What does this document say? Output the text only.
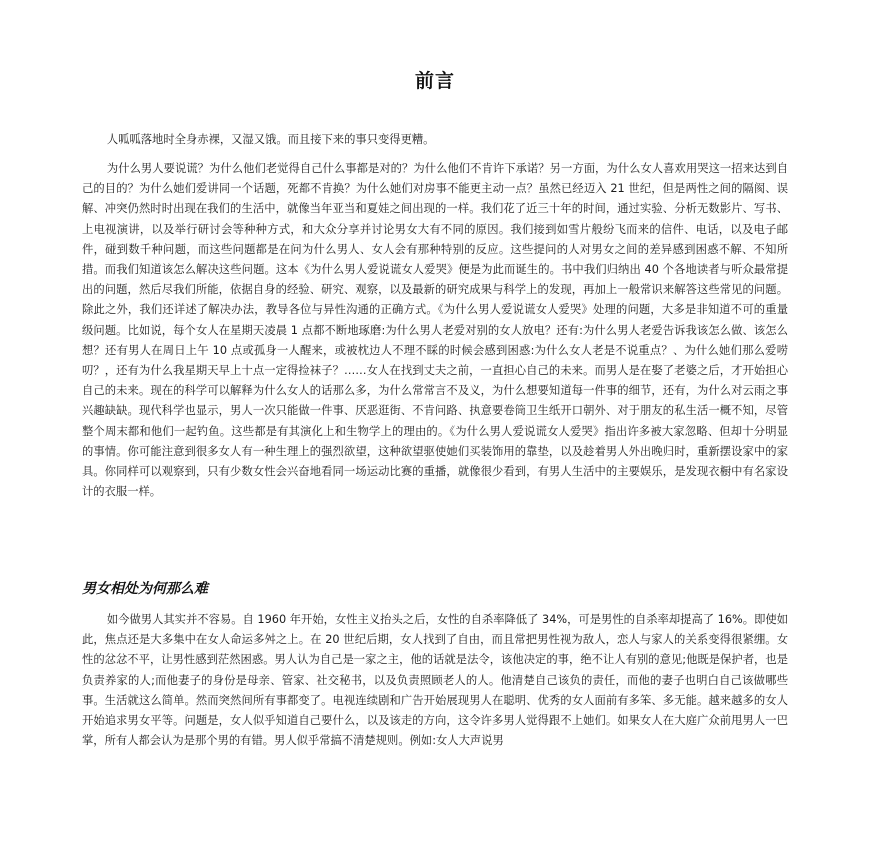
前言

人呱呱落地时全身赤裸，又湿又饿。而且接下来的事只变得更糟。

为什么男人要说谎？为什么他们老觉得自己什么事都是对的？为什么他们不肯许下承诺？另一方面，为什么女人喜欢用哭这一招来达到自己的目的？为什么她们爱讲同一个话题，死都不肯换？为什么她们对房事不能更主动一点？虽然已经迈入 21 世纪，但是两性之间的隔阂、误解、冲突仍然时时出现在我们的生活中，就像当年亚当和夏娃之间出现的一样。我们花了近三十年的时间，通过实验、分析无数影片、写书、上电视演讲，以及举行研讨会等种种方式，和大众分享并讨论男女大有不同的原因。我们接到如雪片般纷飞而来的信件、电话，以及电子邮件，碰到数千种问题，而这些问题都是在问为什么男人、女人会有那种特别的反应。这些提问的人对男女之间的差异感到困惑不解、不知所措。而我们知道该怎么解决这些问题。这本《为什么男人爱说谎女人爱哭》便是为此而诞生的。书中我们归纳出 40 个各地读者与听众最常提出的问题，然后尽我们所能，依据自身的经验、研究、观察，以及最新的研究成果与科学上的发现，再加上一般常识来解答这些常见的问题。除此之外，我们还详述了解决办法，教导各位与异性沟通的正确方式。《为什么男人爱说谎女人爱哭》处理的问题，大多是非知道不可的重量级问题。比如说，每个女人在星期天凌晨 1 点都不断地琢磨:为什么男人老爱对别的女人放电？还有:为什么男人老爱告诉我该怎么做、该怎么想？还有男人在周日上午 10 点或孤身一人醒来，或被枕边人不理不睬的时候会感到困惑:为什么女人老是不说重点？、为什么她们那么爱唠叨？，还有为什么我星期天早上十点一定得捡袜子？……女人在找到丈夫之前，一直担心自己的未来。而男人是在娶了老婆之后，才开始担心自己的未来。现在的科学可以解释为什么女人的话那么多，为什么常常言不及义，为什么想要知道每一件事的细节，还有，为什么对云雨之事兴趣缺缺。现代科学也显示，男人一次只能做一件事、厌恶逛街、不肯问路、执意要卷筒卫生纸开口朝外、对于朋友的私生活一概不知，尽管整个周末都和他们一起钓鱼。这些都是有其演化上和生物学上的理由的。《为什么男人爱说谎女人爱哭》指出许多被大家忽略、但却十分明显的事情。你可能注意到很多女人有一种生理上的强烈欲望，这种欲望驱使她们买装饰用的靠垫，以及趁着男人外出晚归时，重新摆设家中的家具。你同样可以观察到，只有少数女性会兴奋地看同一场运动比赛的重播，就像很少看到，有男人生活中的主要娱乐，是发现衣橱中有名家设计的衣服一样。

男女相处为何那么难

如今做男人其实并不容易。自 1960 年开始，女性主义抬头之后，女性的自杀率降低了 34%，可是男性的自杀率却提高了 16%。即使如此，焦点还是大多集中在女人命运多舛之上。在 20 世纪后期，女人找到了自由，而且常把男性视为敌人，恋人与家人的关系变得很紧绷。女性的忿忿不平，让男性感到茫然困惑。男人认为自己是一家之主，他的话就是法令，该他决定的事，绝不让人有别的意见;他既是保护者，也是负责养家的人;而他妻子的身份是母亲、管家、社交秘书，以及负责照顾老人的人。他清楚自己该负的责任，而他的妻子也明白自己该做哪些事。生活就这么简单。然而突然间所有事都变了。电视连续剧和广告开始展现男人在聪明、优秀的女人面前有多笨、多无能。越来越多的女人开始追求男女平等。问题是，女人似乎知道自己要什么，以及该走的方向，这令许多男人觉得跟不上她们。如果女人在大庭广众前甩男人一巴掌，所有人都会认为是那个男的有错。男人似乎常搞不清楚规则。例如:女人大声说男
